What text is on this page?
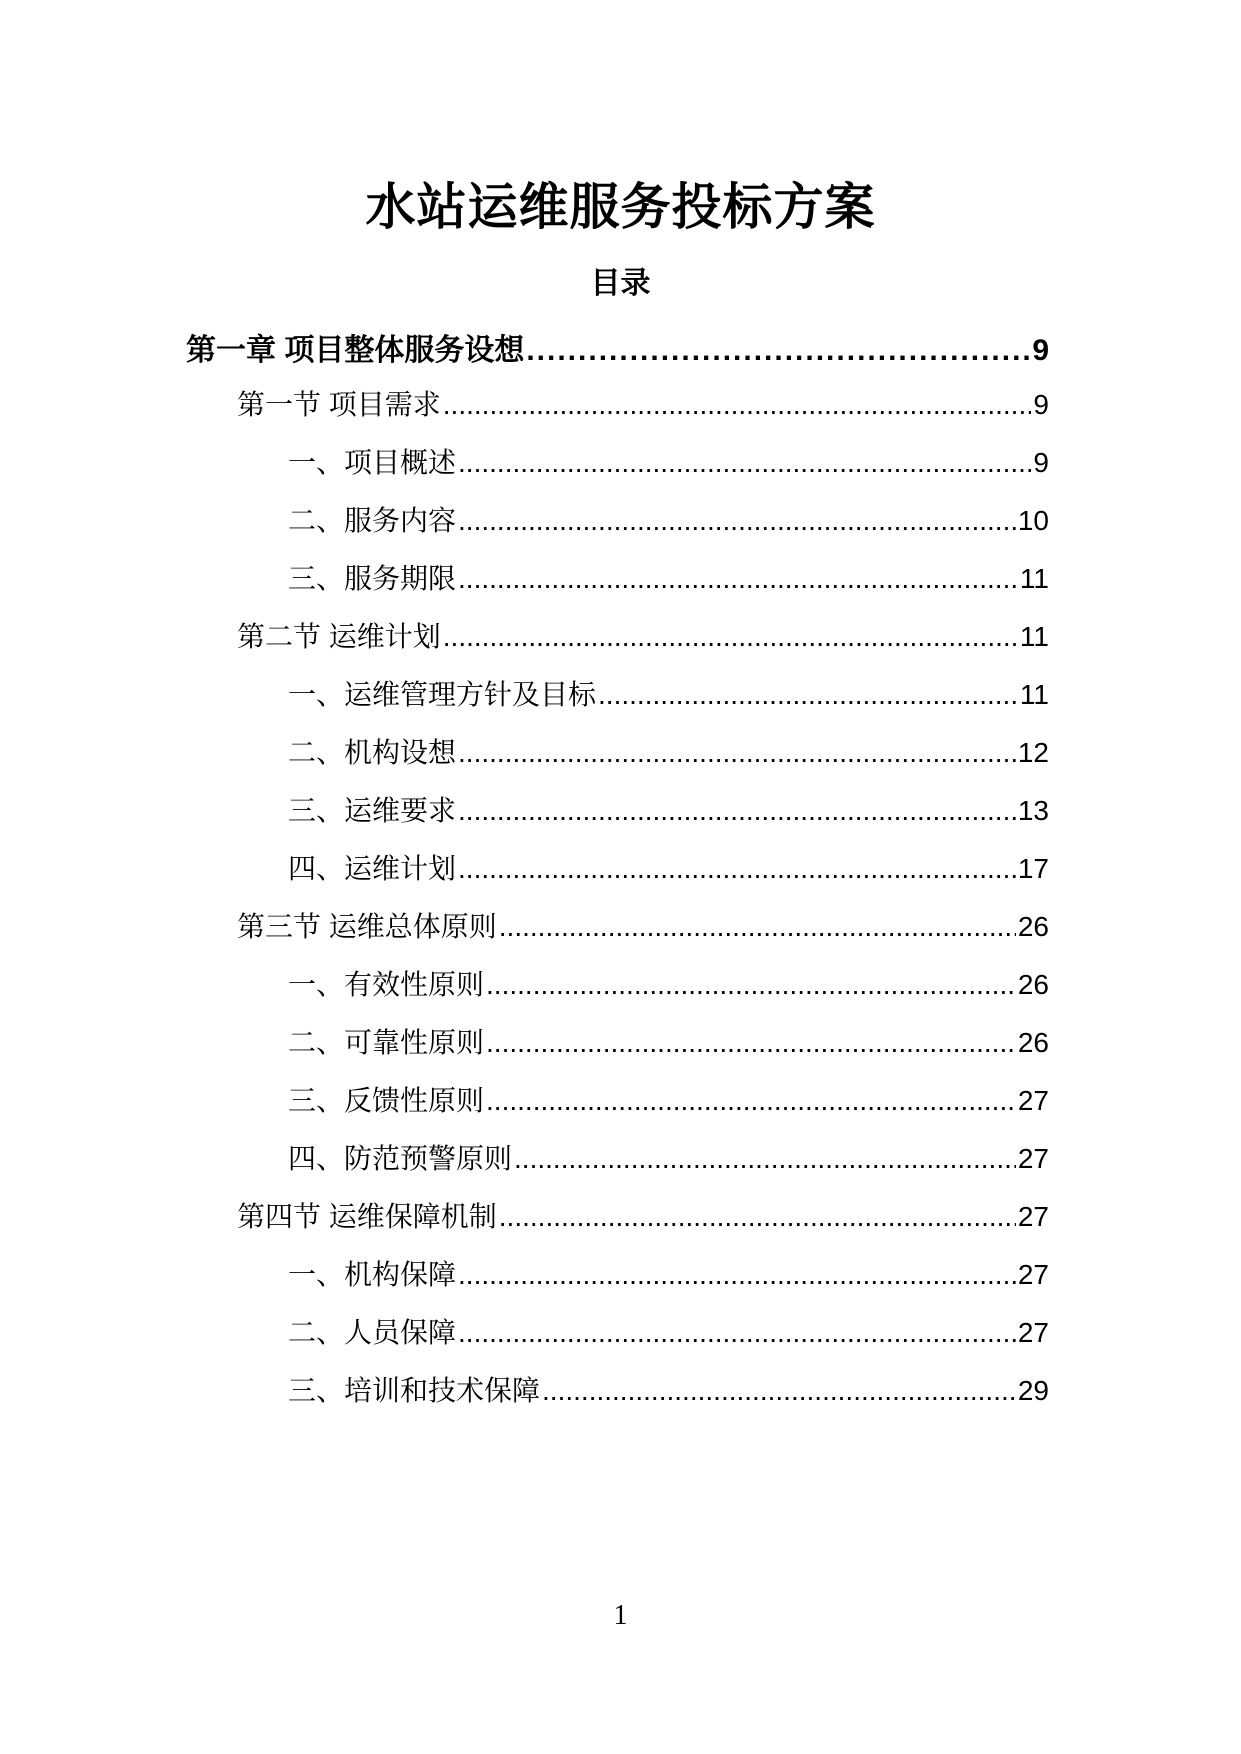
水站运维服务投标方案
目录
第一章 项目整体服务设想 .....	9
第一节 项目需求 .....	9
一、项目概述 .....	9
二、服务内容 .....	10
三、服务期限 .....	11
第二节 运维计划 .....	11
一、运维管理方针及目标 .....	11
二、机构设想 .....	12
三、运维要求 .....	13
四、运维计划 .....	17
第三节 运维总体原则 .....	26
一、有效性原则 .....	26
二、可靠性原则 .....	26
三、反馈性原则 .....	27
四、防范预警原则 .....	27
第四节 运维保障机制 .....	27
一、机构保障 .....	27
二、人员保障 .....	27
三、培训和技术保障 .....	29
1
